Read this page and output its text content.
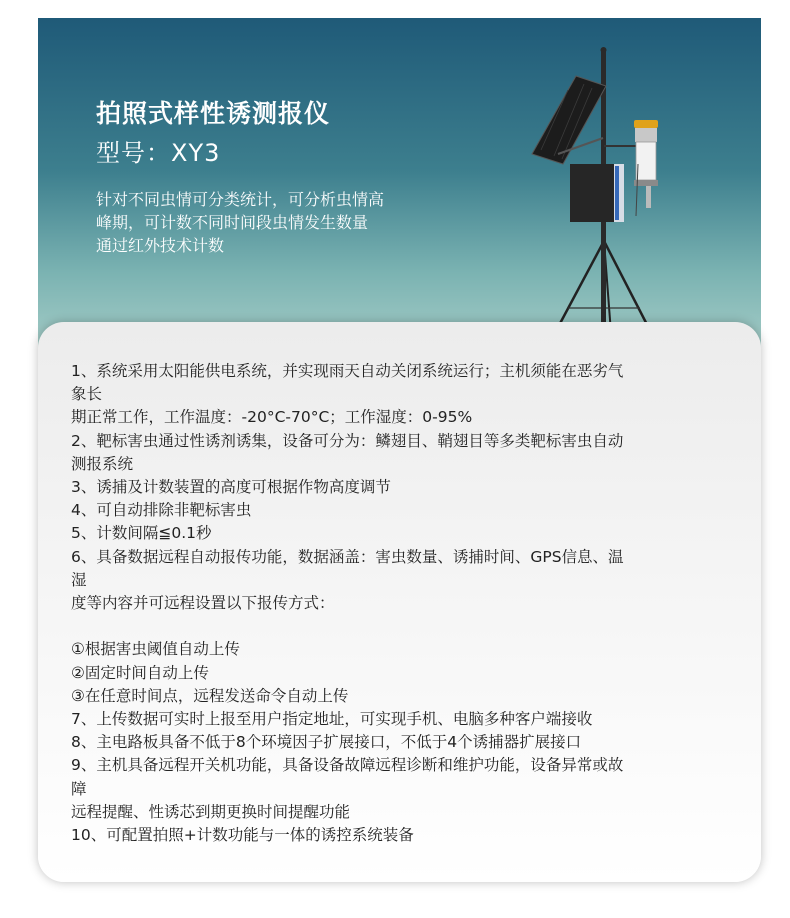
拍照式样性诱测报仪
型号：XY3
针对不同虫情可分类统计，可分析虫情高
峰期，可计数不同时间段虫情发生数量
通过红外技术计数
1、系统采用太阳能供电系统，并实现雨天自动关闭系统运行；主机须能在恶劣气
象长
期正常工作，工作温度：-20°C-70°C；工作湿度：0-95%
2、靶标害虫通过性诱剂诱集，设备可分为：鳞翅目、鞘翅目等多类靶标害虫自动
测报系统
3、诱捕及计数装置的高度可根据作物高度调节
4、可自动排除非靶标害虫
5、计数间隔≦0.1秒
6、具备数据远程自动报传功能，数据涵盖：害虫数量、诱捕时间、GPS信息、温
湿
度等内容并可远程设置以下报传方式：

①根据害虫阈值自动上传
②固定时间自动上传
③在任意时间点，远程发送命令自动上传
7、上传数据可实时上报至用户指定地址，可实现手机、电脑多种客户端接收
8、主电路板具备不低于8个环境因子扩展接口，不低于4个诱捕器扩展接口
9、主机具备远程开关机功能，具备设备故障远程诊断和维护功能，设备异常或故
障
远程提醒、性诱芯到期更换时间提醒功能
10、可配置拍照+计数功能与一体的诱控系统装备
